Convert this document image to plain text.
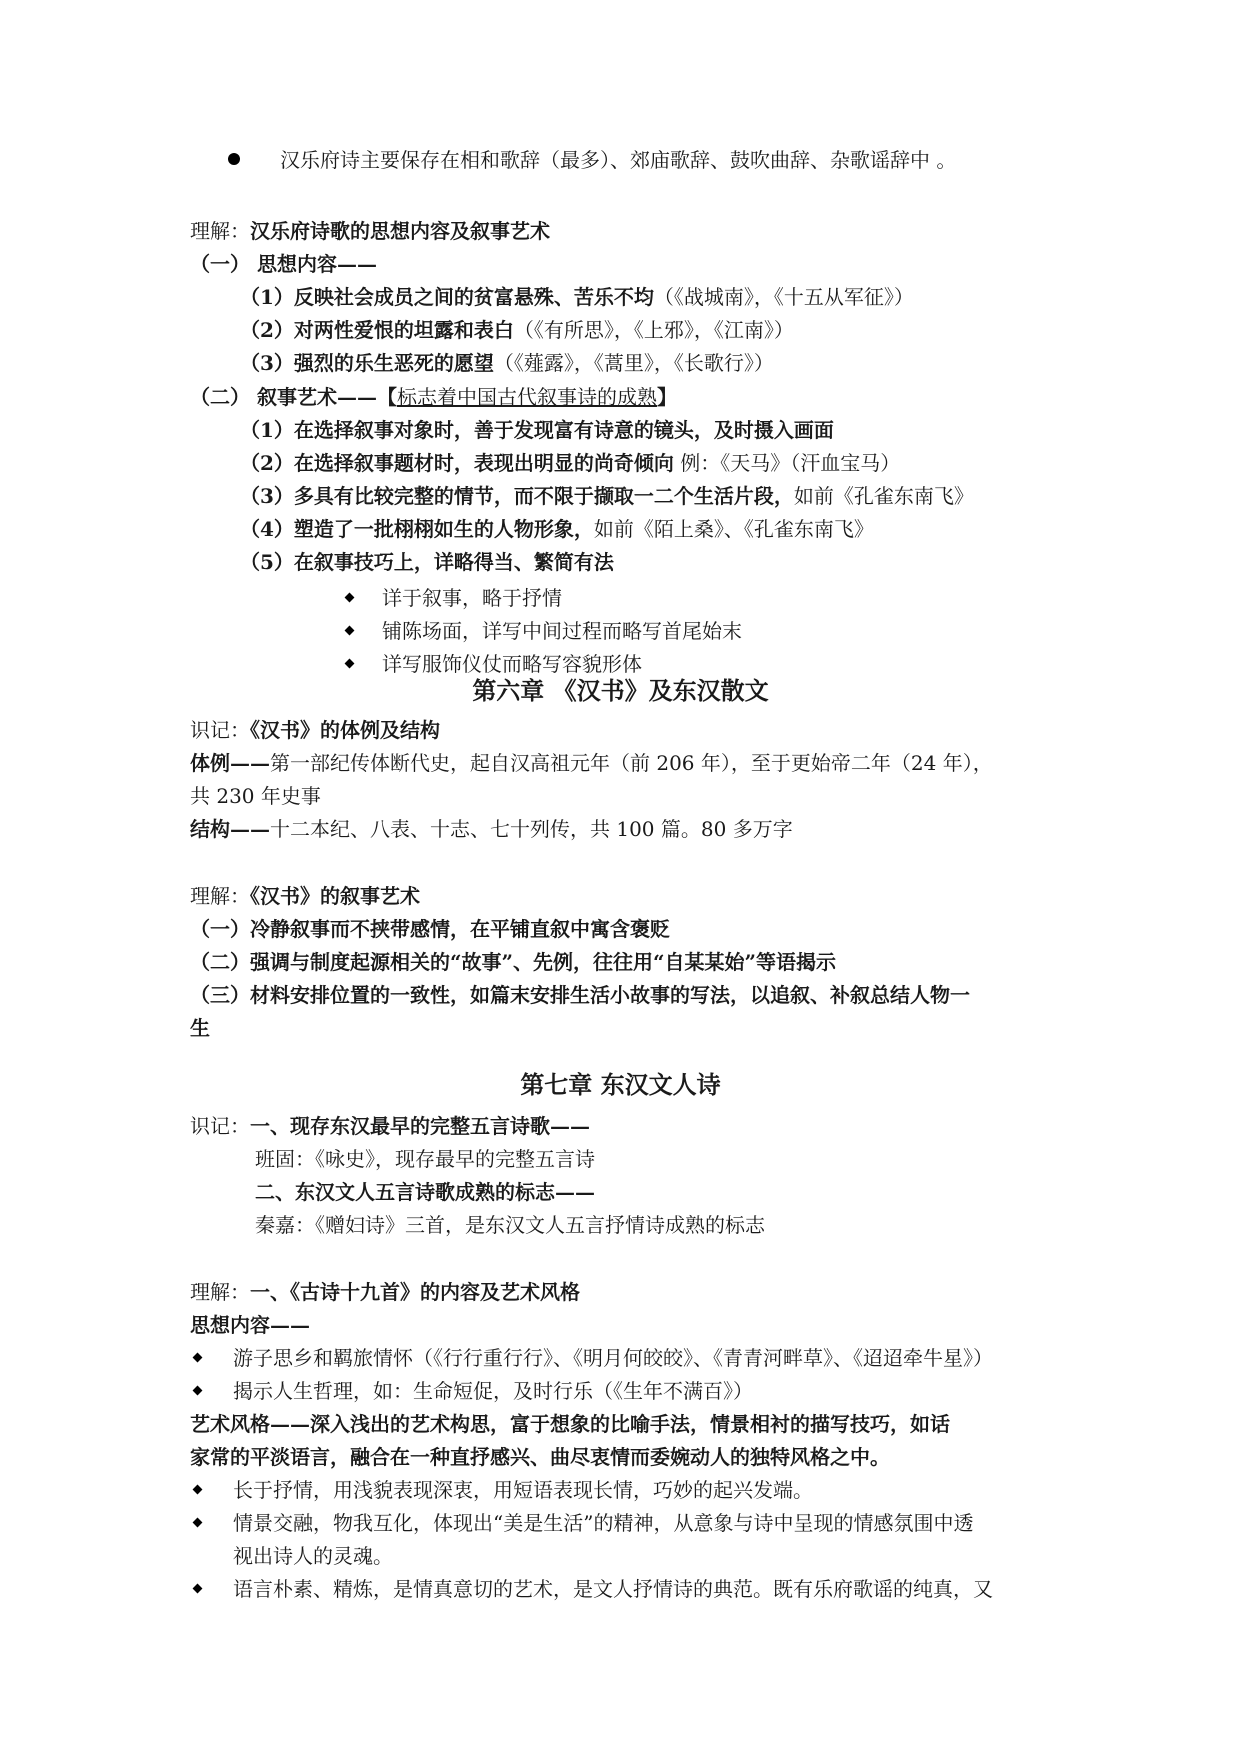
汉乐府诗主要保存在相和歌辞（最多）、郊庙歌辞、鼓吹曲辞、杂歌谣辞中 。
理解：汉乐府诗歌的思想内容及叙事艺术
（一） 思想内容——
（1）反映社会成员之间的贫富悬殊、苦乐不均（《战城南》，《十五从军征》）
（2）对两性爱恨的坦露和表白（《有所思》，《上邪》，《江南》）
（3）强烈的乐生恶死的愿望（《薤露》，《蒿里》，《长歌行》）
（二） 叙事艺术——【标志着中国古代叙事诗的成熟】
（1）在选择叙事对象时，善于发现富有诗意的镜头，及时摄入画面
（2）在选择叙事题材时，表现出明显的尚奇倾向 例：《天马》（汗血宝马）
（3）多具有比较完整的情节，而不限于撷取一二个生活片段，如前《孔雀东南飞》
（4）塑造了一批栩栩如生的人物形象，如前《陌上桑》、《孔雀东南飞》
（5）在叙事技巧上，详略得当、繁简有法
详于叙事，略于抒情
铺陈场面，详写中间过程而略写首尾始末
详写服饰仪仗而略写容貌形体
第六章 《汉书》及东汉散文
识记：《汉书》的体例及结构
体例——第一部纪传体断代史，起自汉高祖元年（前 206 年），至于更始帝二年（24 年），
共 230 年史事
结构——十二本纪、八表、十志、七十列传，共 100 篇。80 多万字
理解：《汉书》的叙事艺术
（一）冷静叙事而不挟带感情，在平铺直叙中寓含褒贬
（二）强调与制度起源相关的“故事”、先例，往往用“自某某始”等语揭示
（三）材料安排位置的一致性，如篇末安排生活小故事的写法，以追叙、补叙总结人物一
生
第七章 东汉文人诗
识记：一、现存东汉最早的完整五言诗歌——
班固：《咏史》，现存最早的完整五言诗
二、东汉文人五言诗歌成熟的标志——
秦嘉：《赠妇诗》三首，是东汉文人五言抒情诗成熟的标志
理解：一、《古诗十九首》的内容及艺术风格
思想内容——
游子思乡和羁旅情怀（《行行重行行》、《明月何皎皎》、《青青河畔草》、《迢迢牵牛星》）
揭示人生哲理，如：生命短促，及时行乐（《生年不满百》）
艺术风格——深入浅出的艺术构思，富于想象的比喻手法，情景相衬的描写技巧，如话
家常的平淡语言，融合在一种直抒感兴、曲尽衷情而委婉动人的独特风格之中。
长于抒情，用浅貌表现深衷，用短语表现长情，巧妙的起兴发端。
情景交融，物我互化，体现出“美是生活”的精神，从意象与诗中呈现的情感氛围中透
视出诗人的灵魂。
语言朴素、精炼，是情真意切的艺术，是文人抒情诗的典范。既有乐府歌谣的纯真，又
